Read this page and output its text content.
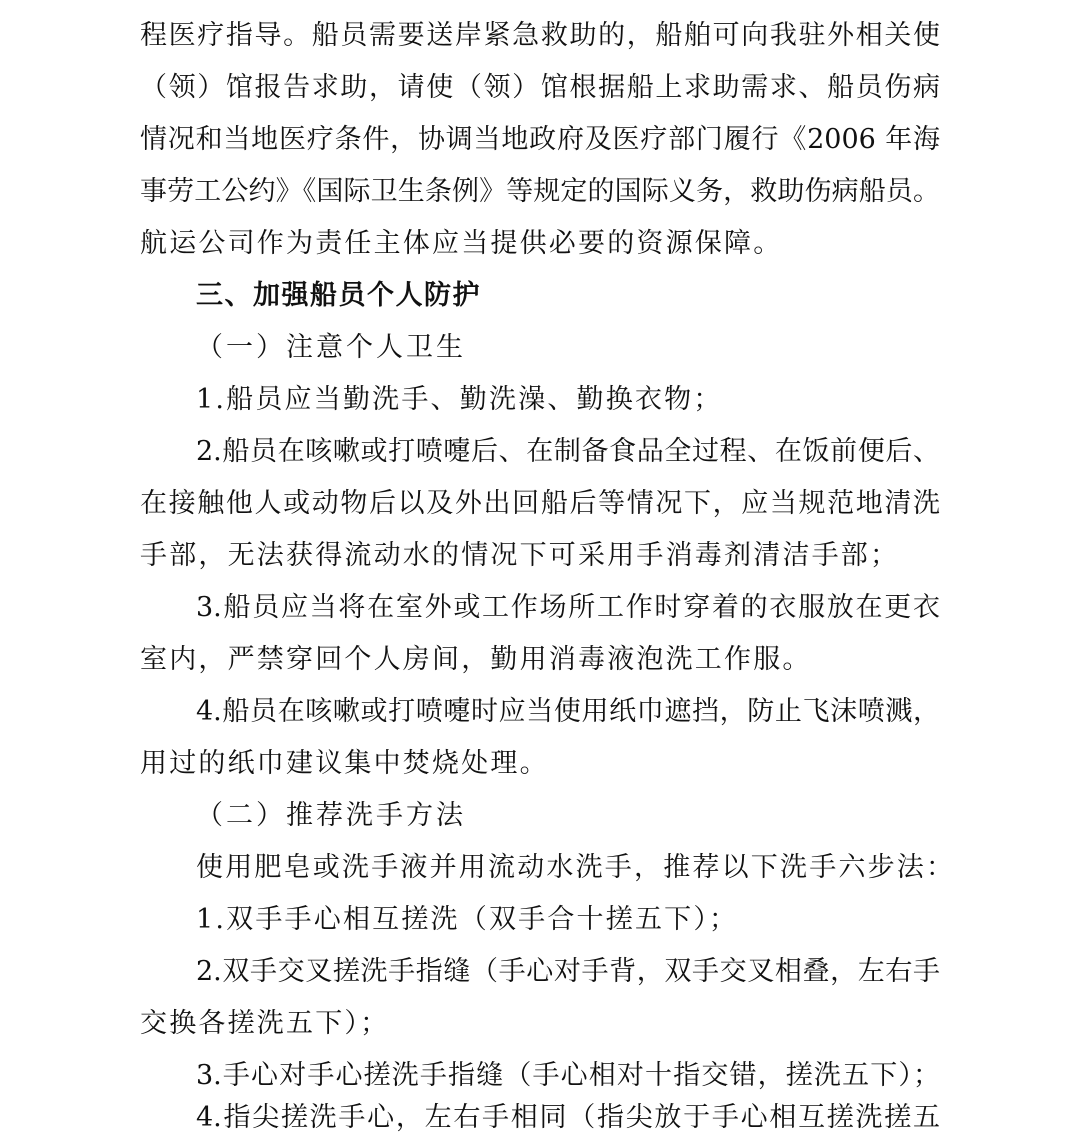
程医疗指导。船员需要送岸紧急救助的，船舶可向我驻外相关使
（领）馆报告求助，请使（领）馆根据船上求助需求、船员伤病
情况和当地医疗条件，协调当地政府及医疗部门履行《2006 年海
事劳工公约》《国际卫生条例》等规定的国际义务，救助伤病船员。
航运公司作为责任主体应当提供必要的资源保障。
三、加强船员个人防护
（一）注意个人卫生
1.船员应当勤洗手、勤洗澡、勤换衣物；
2.船员在咳嗽或打喷嚏后、在制备食品全过程、在饭前便后、
在接触他人或动物后以及外出回船后等情况下，应当规范地清洗
手部，无法获得流动水的情况下可采用手消毒剂清洁手部；
3.船员应当将在室外或工作场所工作时穿着的衣服放在更衣
室内，严禁穿回个人房间，勤用消毒液泡洗工作服。
4.船员在咳嗽或打喷嚏时应当使用纸巾遮挡，防止飞沫喷溅，
用过的纸巾建议集中焚烧处理。
（二）推荐洗手方法
使用肥皂或洗手液并用流动水洗手，推荐以下洗手六步法：
1.双手手心相互搓洗（双手合十搓五下）；
2.双手交叉搓洗手指缝（手心对手背，双手交叉相叠，左右手
交换各搓洗五下）；
3.手心对手心搓洗手指缝（手心相对十指交错，搓洗五下）；
4.指尖搓洗手心，左右手相同（指尖放于手心相互搓洗搓五
